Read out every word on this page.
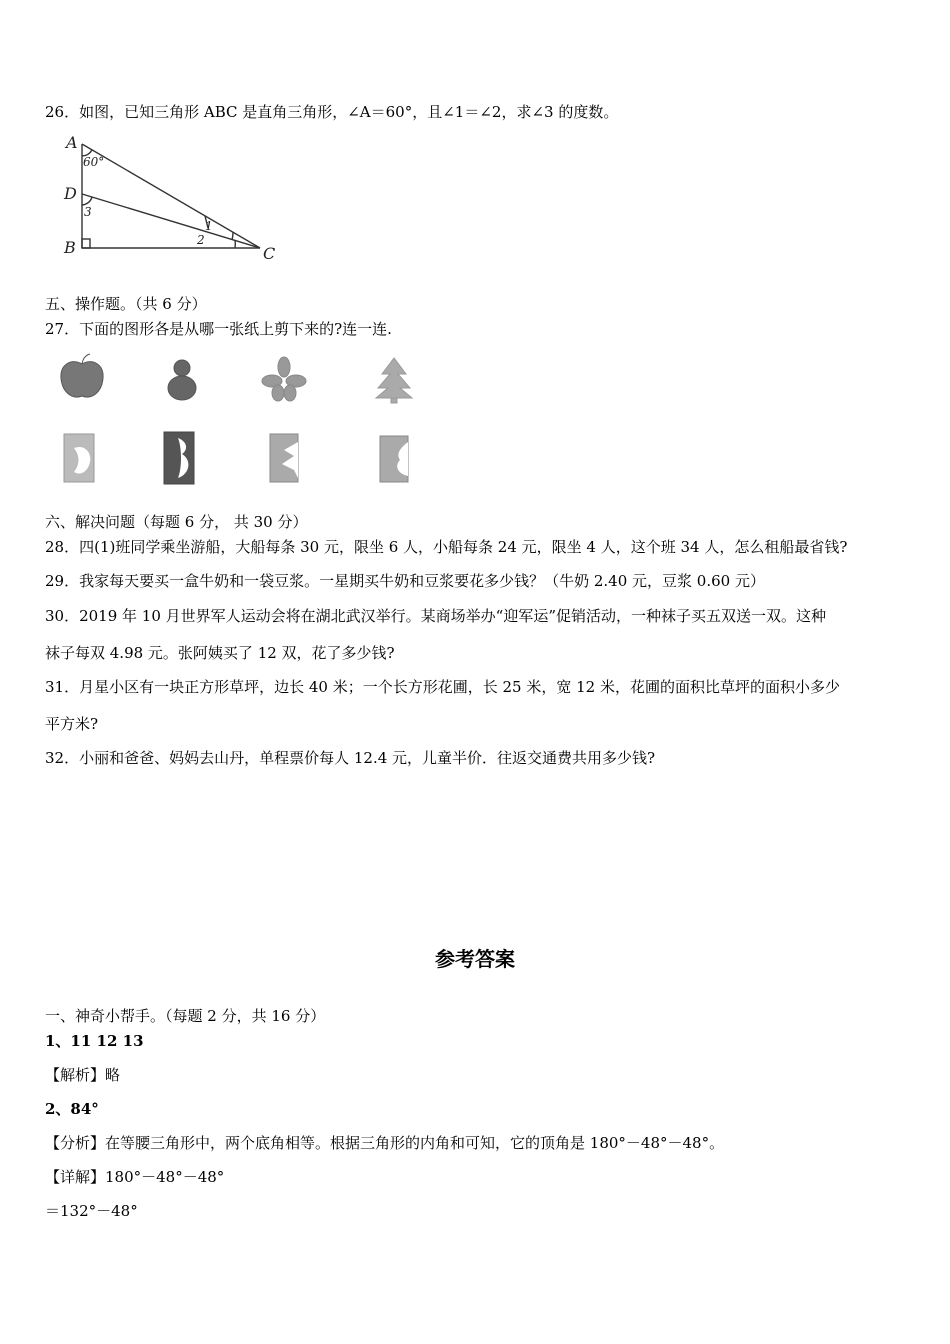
26．如图，已知三角形 ABC 是直角三角形，∠A＝60°，且∠1＝∠2，求∠3 的度数。
A
D
B	C
60°
3
1
2
五、操作题。（共 6 分）
27．下面的图形各是从哪一张纸上剪下来的?连一连.
六、解决问题（每题 6 分， 共 30 分）
28．四(1)班同学乘坐游船，大船每条 30 元，限坐 6 人，小船每条 24 元，限坐 4 人，这个班 34 人，怎么租船最省钱?
29．我家每天要买一盒牛奶和一袋豆浆。一星期买牛奶和豆浆要花多少钱？（牛奶 2.40 元，豆浆 0.60 元）
30．2019 年 10 月世界军人运动会将在湖北武汉举行。某商场举办“迎军运”促销活动，一种袜子买五双送一双。这种
袜子每双 4.98 元。张阿姨买了 12 双，花了多少钱?
31．月星小区有一块正方形草坪，边长 40 米；一个长方形花圃，长 25 米，宽 12 米，花圃的面积比草坪的面积小多少
平方米?
32．小丽和爸爸、妈妈去山丹，单程票价每人 12.4 元，儿童半价．往返交通费共用多少钱?
参考答案
一、神奇小帮手。（每题 2 分，共 16 分）
1、11 12 13
【解析】略
2、84°
【分析】在等腰三角形中，两个底角相等。根据三角形的内角和可知，它的顶角是 180°－48°－48°。
【详解】180°－48°－48°
＝132°－48°
